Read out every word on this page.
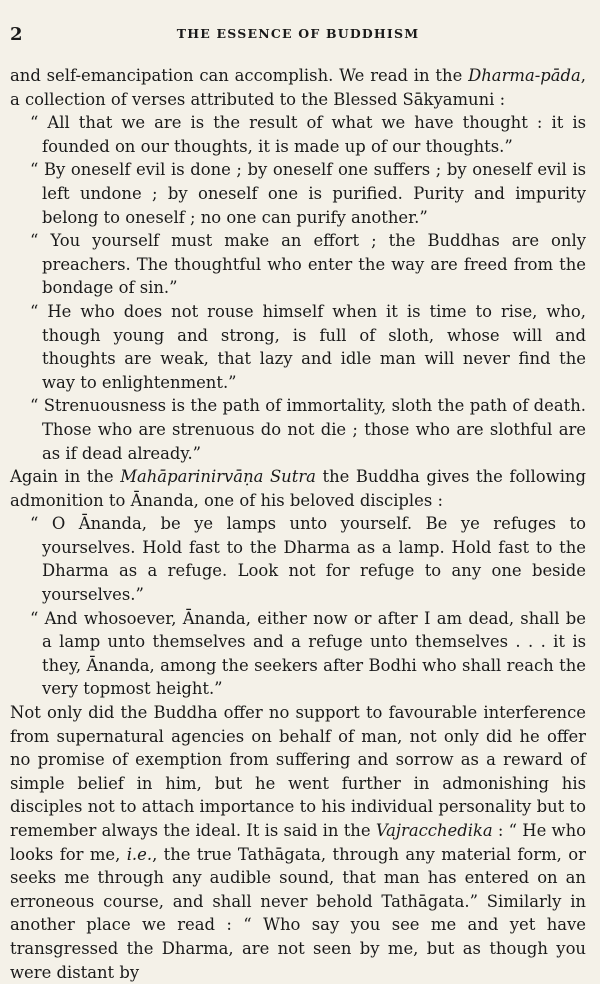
2	THE ESSENCE OF BUDDHISM

and self-emancipation can accomplish. We read in the Dharma-pāda, a collection of verses attributed to the Blessed Sākyamuni :

“ All that we are is the result of what we have thought : it is founded on our thoughts, it is made up of our thoughts.”

“ By oneself evil is done ; by oneself one suffers ; by oneself evil is left undone ; by oneself one is purified. Purity and impurity belong to oneself ; no one can purify another.”

“ You yourself must make an effort ; the Buddhas are only preachers. The thoughtful who enter the way are freed from the bondage of sin.”

“ He who does not rouse himself when it is time to rise, who, though young and strong, is full of sloth, whose will and thoughts are weak, that lazy and idle man will never find the way to enlightenment.”

“ Strenuousness is the path of immortality, sloth the path of death. Those who are strenuous do not die ; those who are slothful are as if dead already.”

Again in the Mahāparinirvāṇa Sutra the Buddha gives the following admonition to Ānanda, one of his beloved disciples :

“ O Ānanda, be ye lamps unto yourself. Be ye refuges to yourselves. Hold fast to the Dharma as a lamp. Hold fast to the Dharma as a refuge. Look not for refuge to any one beside yourselves.”

“ And whosoever, Ānanda, either now or after I am dead, shall be a lamp unto themselves and a refuge unto themselves . . . it is they, Ānanda, among the seekers after Bodhi who shall reach the very topmost height.”

Not only did the Buddha offer no support to favourable interference from supernatural agencies on behalf of man, not only did he offer no promise of exemption from suffering and sorrow as a reward of simple belief in him, but he went further in admonishing his disciples not to attach importance to his individual personality but to remember always the ideal. It is said in the Vajracchedika : “ He who looks for me, i.e., the true Tathāgata, through any material form, or seeks me through any audible sound, that man has entered on an erroneous course, and shall never behold Tathāgata.” Similarly in another place we read : “ Who say you see me and yet have transgressed the Dharma, are not seen by me, but as though you were distant by
